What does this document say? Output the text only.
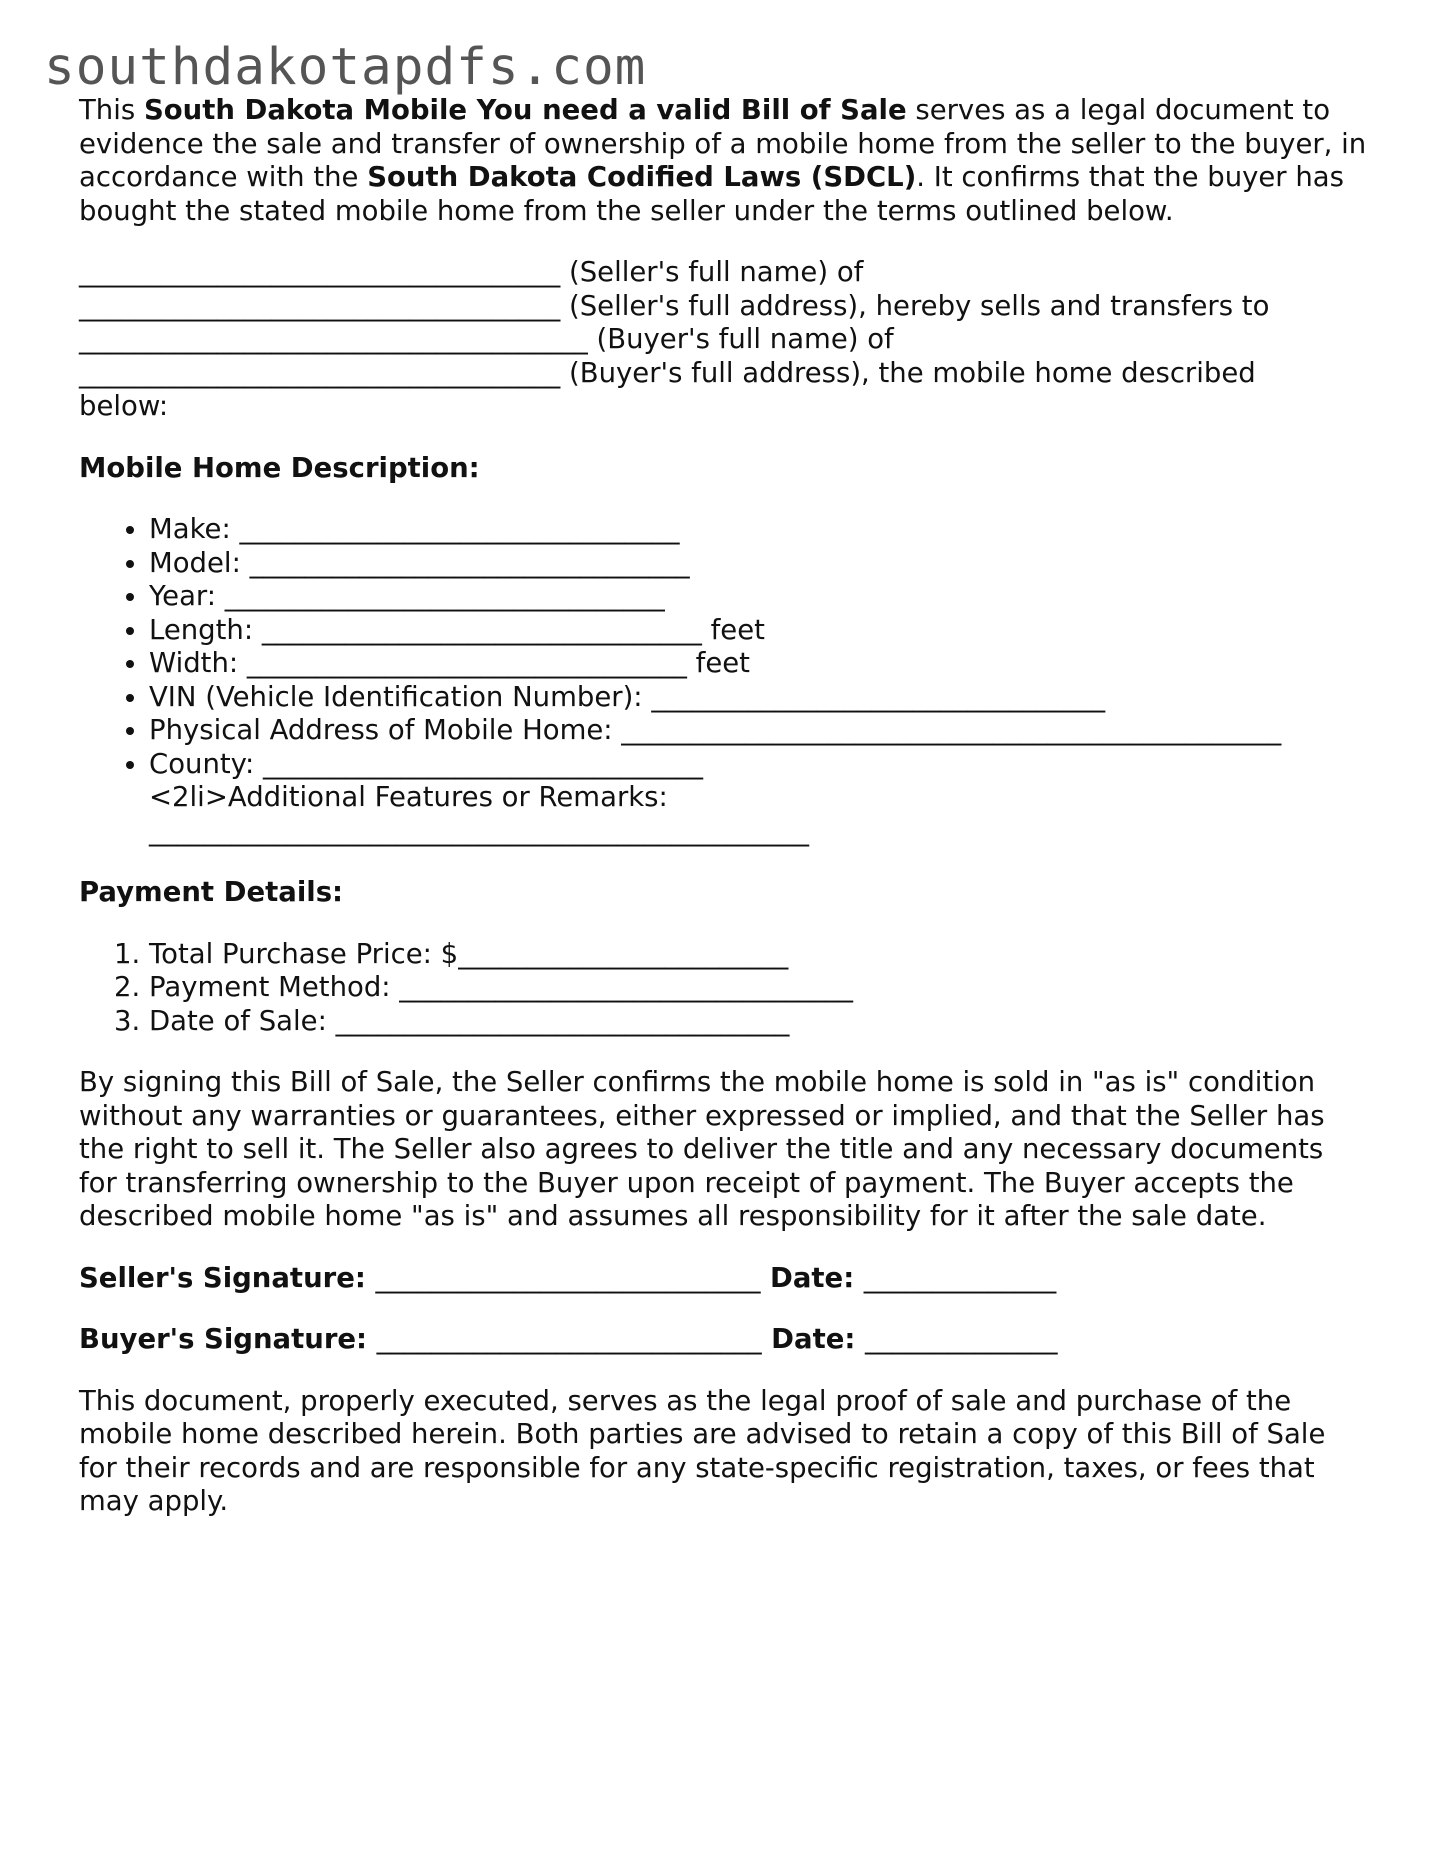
southdakotapdfs.com

This South Dakota Mobile You need a valid Bill of Sale serves as a legal document to evidence the sale and transfer of ownership of a mobile home from the seller to the buyer, in accordance with the South Dakota Codified Laws (SDCL). It confirms that the buyer has bought the stated mobile home from the seller under the terms outlined below.

___________________________________ (Seller's full name) of
___________________________________ (Seller's full address), hereby sells and transfers to
_____________________________________ (Buyer's full name) of
___________________________________ (Buyer's full address), the mobile home described
below:
Mobile Home Description:
• Make: ________________________________
• Model: ________________________________
• Year: ________________________________
• Length: ________________________________ feet
• Width: ________________________________ feet
• VIN (Vehicle Identification Number): _________________________________
• Physical Address of Mobile Home: ________________________________________________
• County: ________________________________
<2li>Additional Features or Remarks:
________________________________________________
Payment Details:
1. Total Purchase Price: $________________________
2. Payment Method: _________________________________
3. Date of Sale: _________________________________

By signing this Bill of Sale, the Seller confirms the mobile home is sold in "as is" condition without any warranties or guarantees, either expressed or implied, and that the Seller has the right to sell it. The Seller also agrees to deliver the title and any necessary documents for transferring ownership to the Buyer upon receipt of payment. The Buyer accepts the described mobile home "as is" and assumes all responsibility for it after the sale date.

Seller's Signature: ____________________________ Date: ______________
Buyer's Signature: ____________________________ Date: ______________

This document, properly executed, serves as the legal proof of sale and purchase of the mobile home described herein. Both parties are advised to retain a copy of this Bill of Sale for their records and are responsible for any state-specific registration, taxes, or fees that may apply.
